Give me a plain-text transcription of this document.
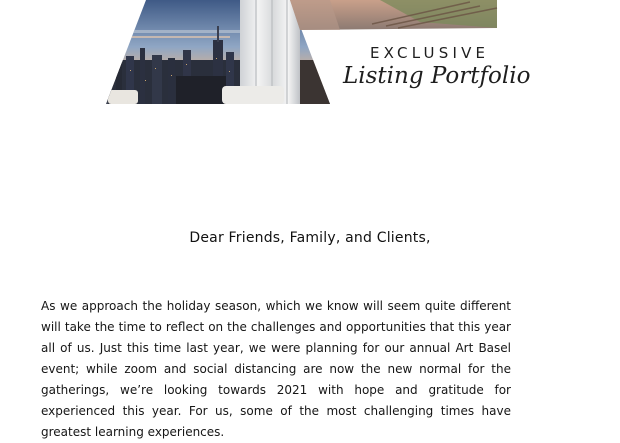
EXCLUSIVE
Listing Portfolio
Dear Friends, Family, and Clients,
As we approach the holiday season, which we know will seem quite different
will take the time to reflect on the challenges and opportunities that this year
all of us. Just this time last year, we were planning for our annual Art Basel
event; while zoom and social distancing are now the new normal for the
gatherings, we’re looking towards 2021 with hope and gratitude for
experienced this year. For us, some of the most challenging times have
greatest learning experiences.
